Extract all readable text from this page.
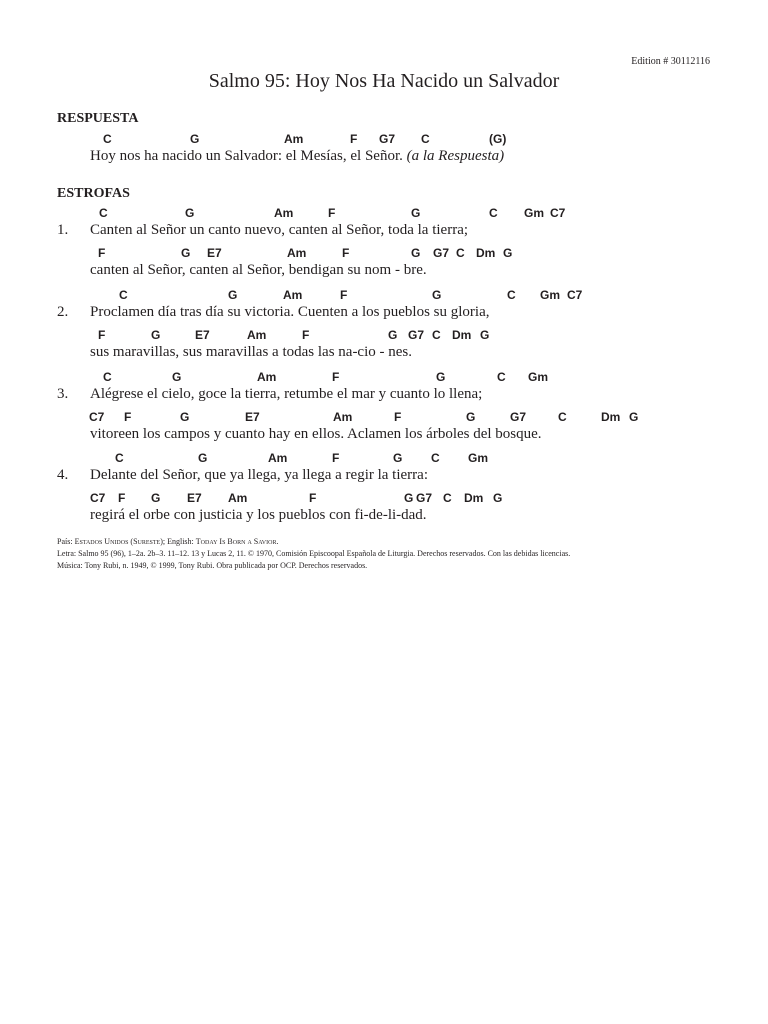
Edition # 30112116
Salmo 95: Hoy Nos Ha Nacido un Salvador
RESPUESTA
C	G	Am	F G7 C	(G)
Hoy nos ha nacido un Salvador: el Mesías, el Señor. (a la Respuesta)
ESTROFAS
C	G	Am	F	G	C Gm C7
1. Canten al Señor un canto nuevo, canten al Señor, toda la tierra;
F	G E7	Am	F	G G7 C Dm G
canten al Señor, canten al Señor, bendigan su nom - bre.
C	G	Am	F	G	C Gm C7
2. Proclamen día tras día su victoria. Cuenten a los pueblos su gloria,
F	G	E7	Am	F	G G7 C Dm G
sus maravillas, sus maravillas a todas las na-cio - nes.
C	G	Am	F	G	C Gm
3. Alégrese el cielo, goce la tierra, retumbe el mar y cuanto lo llena;
C7 F	G	E7	Am	F	G	G7	C	Dm G
vitoreen los campos y cuanto hay en ellos. Aclamen los árboles del bosque.
C	G	Am	F	G C Gm
4. Delante del Señor, que ya llega, ya llega a regir la tierra:
C7 F G E7 Am	F	G G7 C Dm G
regirá el orbe con justicia y los pueblos con fi-de-li-dad.
País: Estados Unidos (Sureste); English: Today Is Born a Savior.
Letra: Salmo 95 (96), 1–2a. 2b–3. 11–12. 13 y Lucas 2, 11. © 1970, Comisión Episcoopal Española de Liturgia. Derechos reservados. Con las debidas licencias.
Música: Tony Rubi, n. 1949, © 1999, Tony Rubi. Obra publicada por OCP. Derechos reservados.
